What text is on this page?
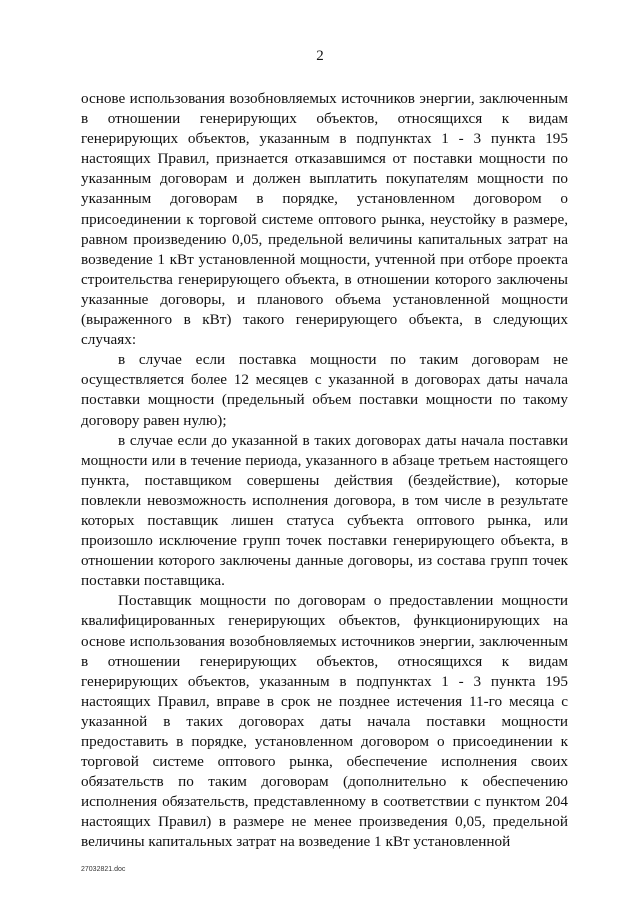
2

основе использования возобновляемых источников энергии, заключенным в отношении генерирующих объектов, относящихся к видам генерирующих объектов, указанным в подпунктах 1 - 3 пункта 195 настоящих Правил, признается отказавшимся от поставки мощности по указанным договорам и должен выплатить покупателям мощности по указанным договорам в порядке, установленном договором о присоединении к торговой системе оптового рынка, неустойку в размере, равном произведению 0,05, предельной величины капитальных затрат на возведение 1 кВт установленной мощности, учтенной при отборе проекта строительства генерирующего объекта, в отношении которого заключены указанные договоры, и планового объема установленной мощности (выраженного в кВт) такого генерирующего объекта, в следующих случаях:

в случае если поставка мощности по таким договорам не осуществляется более 12 месяцев с указанной в договорах даты начала поставки мощности (предельный объем поставки мощности по такому договору равен нулю);

в случае если до указанной в таких договорах даты начала поставки мощности или в течение периода, указанного в абзаце третьем настоящего пункта, поставщиком совершены действия (бездействие), которые повлекли невозможность исполнения договора, в том числе в результате которых поставщик лишен статуса субъекта оптового рынка, или произошло исключение групп точек поставки генерирующего объекта, в отношении которого заключены данные договоры, из состава групп точек поставки поставщика.

Поставщик мощности по договорам о предоставлении мощности квалифицированных генерирующих объектов, функционирующих на основе использования возобновляемых источников энергии, заключенным в отношении генерирующих объектов, относящихся к видам генерирующих объектов, указанным в подпунктах 1 - 3 пункта 195 настоящих Правил, вправе в срок не позднее истечения 11-го месяца с указанной в таких договорах даты начала поставки мощности предоставить в порядке, установленном договором о присоединении к торговой системе оптового рынка, обеспечение исполнения своих обязательств по таким договорам (дополнительно к обеспечению исполнения обязательств, представленному в соответствии с пунктом 204 настоящих Правил) в размере не менее произведения 0,05, предельной величины капитальных затрат на возведение 1 кВт установленной

27032821.doc
